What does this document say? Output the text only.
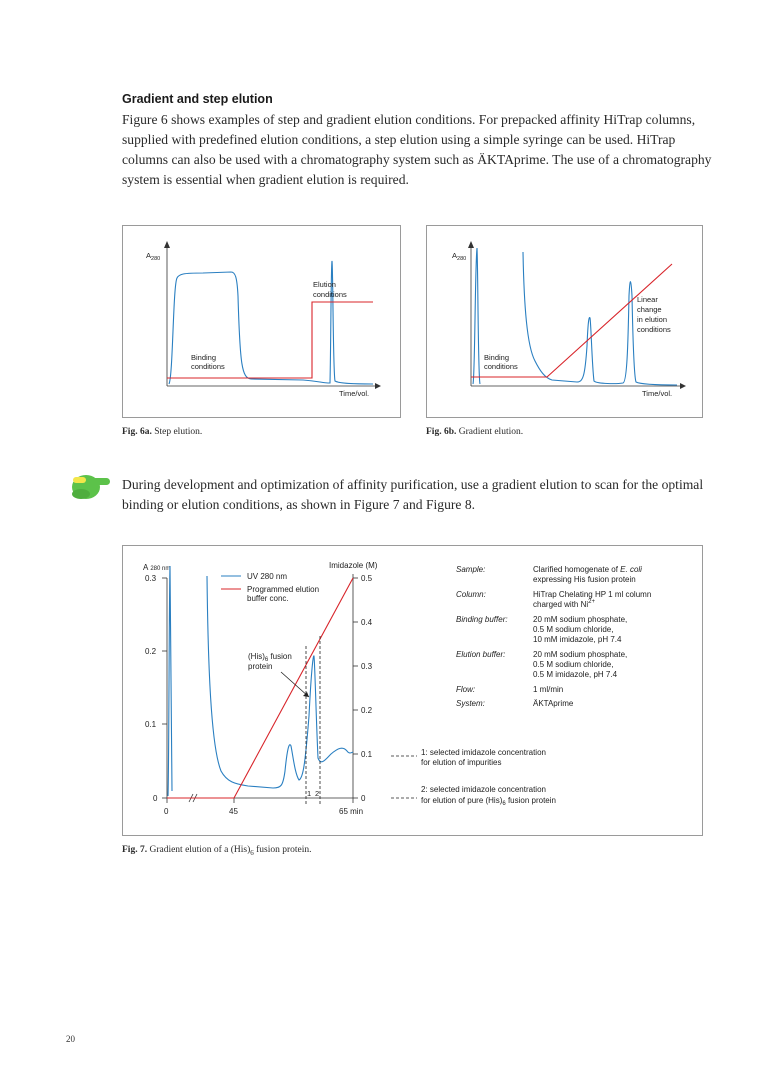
Gradient and step elution
Figure 6 shows examples of step and gradient elution conditions. For prepacked affinity HiTrap columns, supplied with predefined elution conditions, a step elution using a simple syringe can be used. HiTrap columns can also be used with a chromatography system such as ÄKTAprime. The use of a chromatography system is essential when gradient elution is required.
$A_{280}$
Binding
conditions
Elution
conditions
Time/vol.
Fig. 6a. Step elution.
$A_{280}$
Binding
conditions
Linear
change
in elution
conditions
Time/vol.
Fig. 6b. Gradient elution.
During development and optimization of affinity purification, use a gradient elution to scan for the optimal binding or elution conditions, as shown in Figure 7 and Figure 8.
0.3
0.2
0.1
0
0.5
0.4
0.3
0.2
0.1
0
0	45	65 min
A 280 nm	Imidazole (M)
UV 280 nm
Programmed elution
buffer conc.
1 2
$(His)_6$ fusion
protein
Sample:	Clarified homogenate of E. coli
expressing His fusion protein
Column:	HiTrap Chelating HP 1 ml column
charged with $Ni^{2+}$
Binding buffer:	20 mM sodium phosphate,
0.5 M sodium chloride,
10 mM imidazole, pH 7.4
Elution buffer:	20 mM sodium phosphate,
0.5 M sodium chloride,
0.5 M imidazole, pH 7.4
Flow:	1 ml/min
System:	ÄKTAprime
1: selected imidazole concentration
for elution of impurities
2: selected imidazole concentration
for elution of pure $(His)_6$ fusion protein
Fig. 7. Gradient elution of a $(His)_6$ fusion protein.
20
